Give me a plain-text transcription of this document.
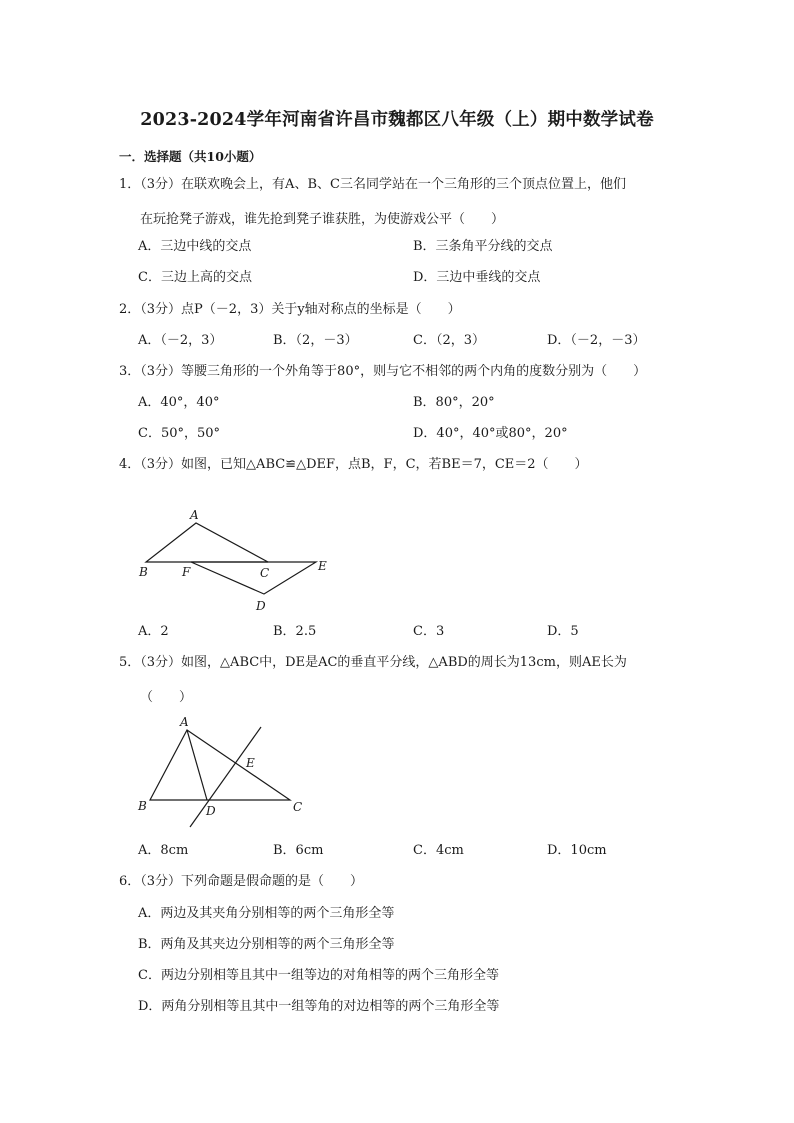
2023-2024学年河南省许昌市魏都区八年级（上）期中数学试卷
一．选择题（共10小题）
1．（3分）在联欢晚会上，有A、B、C三名同学站在一个三角形的三个顶点位置上，他们
在玩抢凳子游戏，谁先抢到凳子谁获胜，为使游戏公平（　　）
A．三边中线的交点	B．三条角平分线的交点
C．三边上高的交点	D．三边中垂线的交点
2．（3分）点P（－2，3）关于y轴对称点的坐标是（　　）
A．（－2，3）	B．（2，－3）	C．（2，3）	D．（－2，－3）
3．（3分）等腰三角形的一个外角等于80°，则与它不相邻的两个内角的度数分别为（　　）
A．40°，40°	B．80°，20°
C．50°，50°	D．40°，40°或80°，20°
4．（3分）如图，已知△ABC≌△DEF，点B，F，C，若BE＝7，CE＝2（　　）
A
B	F	C	E
D
A．2	B．2.5	C．3	D．5
5．（3分）如图，△ABC中，DE是AC的垂直平分线，△ABD的周长为13cm，则AE长为
（　　）
A
E
B	D	C
A．8cm	B．6cm	C．4cm	D．10cm
6．（3分）下列命题是假命题的是（　　）
A．两边及其夹角分别相等的两个三角形全等
B．两角及其夹边分别相等的两个三角形全等
C．两边分别相等且其中一组等边的对角相等的两个三角形全等
D．两角分别相等且其中一组等角的对边相等的两个三角形全等
